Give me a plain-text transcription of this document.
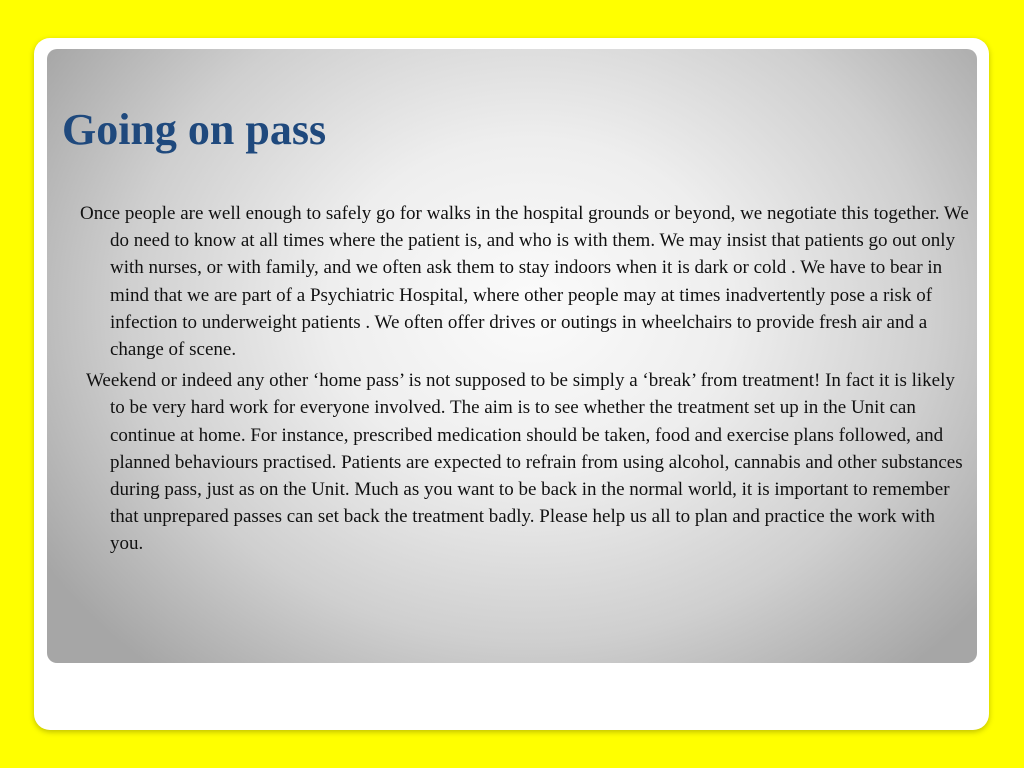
Going on pass

Once people are well enough to safely go for walks in the hospital grounds or beyond, we negotiate this together. We do need to know at all times where the patient is, and who is with them. We may insist that patients go out only with nurses, or with family, and we often ask them to stay indoors when it is dark or cold . We have to bear in mind that we are part of a Psychiatric Hospital, where other people may at times inadvertently pose a risk of infection to underweight patients . We often offer drives or outings in wheelchairs to provide fresh air and a change of scene.

Weekend or indeed any other ‘home pass’ is not supposed to be simply a ‘break’ from treatment! In fact it is likely to be very hard work for everyone involved. The aim is to see whether the treatment set up in the Unit can continue at home. For instance, prescribed medication should be taken, food and exercise plans followed, and planned behaviours practised. Patients are expected to refrain from using alcohol, cannabis and other substances during pass, just as on the Unit. Much as you want to be back in the normal world, it is important to remember that unprepared passes can set back the treatment badly. Please help us all to plan and practice the work with you.
